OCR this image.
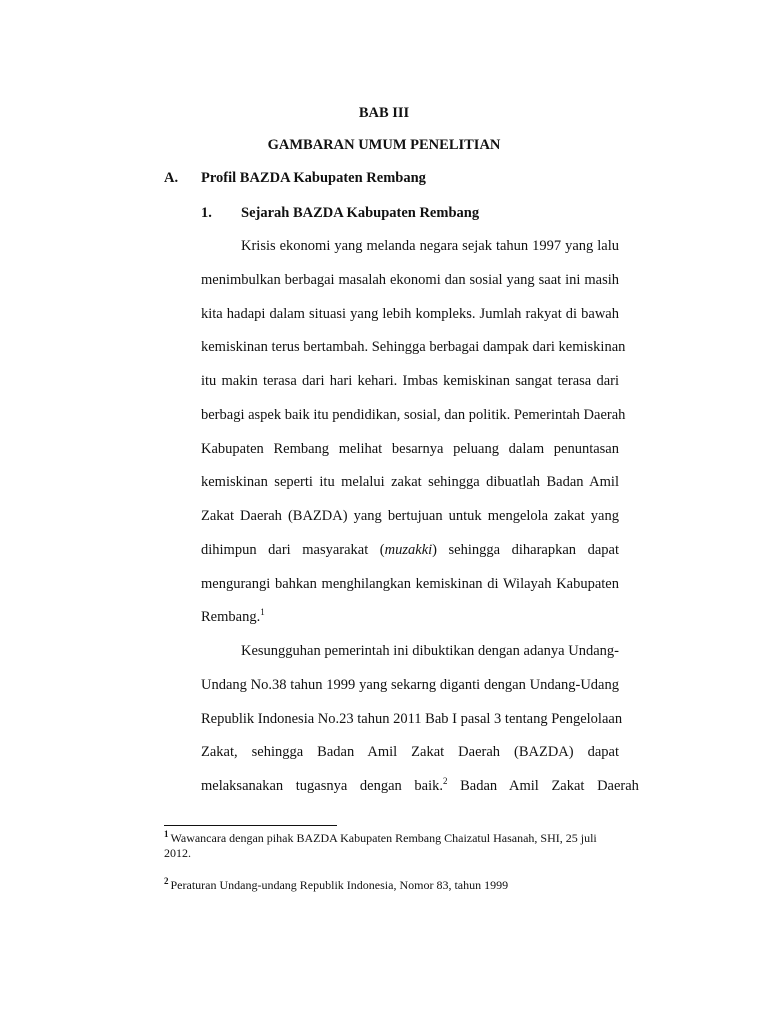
BAB III
GAMBARAN UMUM PENELITIAN
A. Profil BAZDA Kabupaten Rembang
1. Sejarah BAZDA Kabupaten Rembang
Krisis ekonomi yang melanda negara sejak tahun 1997 yang lalu
menimbulkan berbagai masalah ekonomi dan sosial yang saat ini masih
kita hadapi dalam situasi yang lebih kompleks. Jumlah rakyat di bawah
kemiskinan terus bertambah. Sehingga berbagai dampak dari kemiskinan
itu makin terasa dari hari kehari. Imbas kemiskinan sangat terasa dari
berbagi aspek baik itu pendidikan, sosial, dan politik. Pemerintah Daerah
Kabupaten Rembang melihat besarnya peluang dalam penuntasan
kemiskinan seperti itu melalui zakat sehingga dibuatlah Badan Amil
Zakat Daerah (BAZDA) yang bertujuan untuk mengelola zakat yang
dihimpun dari masyarakat (muzakki) sehingga diharapkan dapat
mengurangi bahkan menghilangkan kemiskinan di Wilayah Kabupaten
Rembang.$^1$
Kesungguhan pemerintah ini dibuktikan dengan adanya Undang-
Undang No.38 tahun 1999 yang sekarng diganti dengan Undang-Udang
Republik Indonesia No.23 tahun 2011 Bab I pasal 3 tentang Pengelolaan
Zakat, sehingga Badan Amil Zakat Daerah (BAZDA) dapat
melaksanakan tugasnya dengan baik.$^2$ Badan Amil Zakat Daerah
$^1$ Wawancara dengan pihak BAZDA Kabupaten Rembang Chaizatul Hasanah, SHI, 25 juli 2012.
$^2$ Peraturan Undang-undang Republik Indonesia, Nomor 83, tahun 1999
